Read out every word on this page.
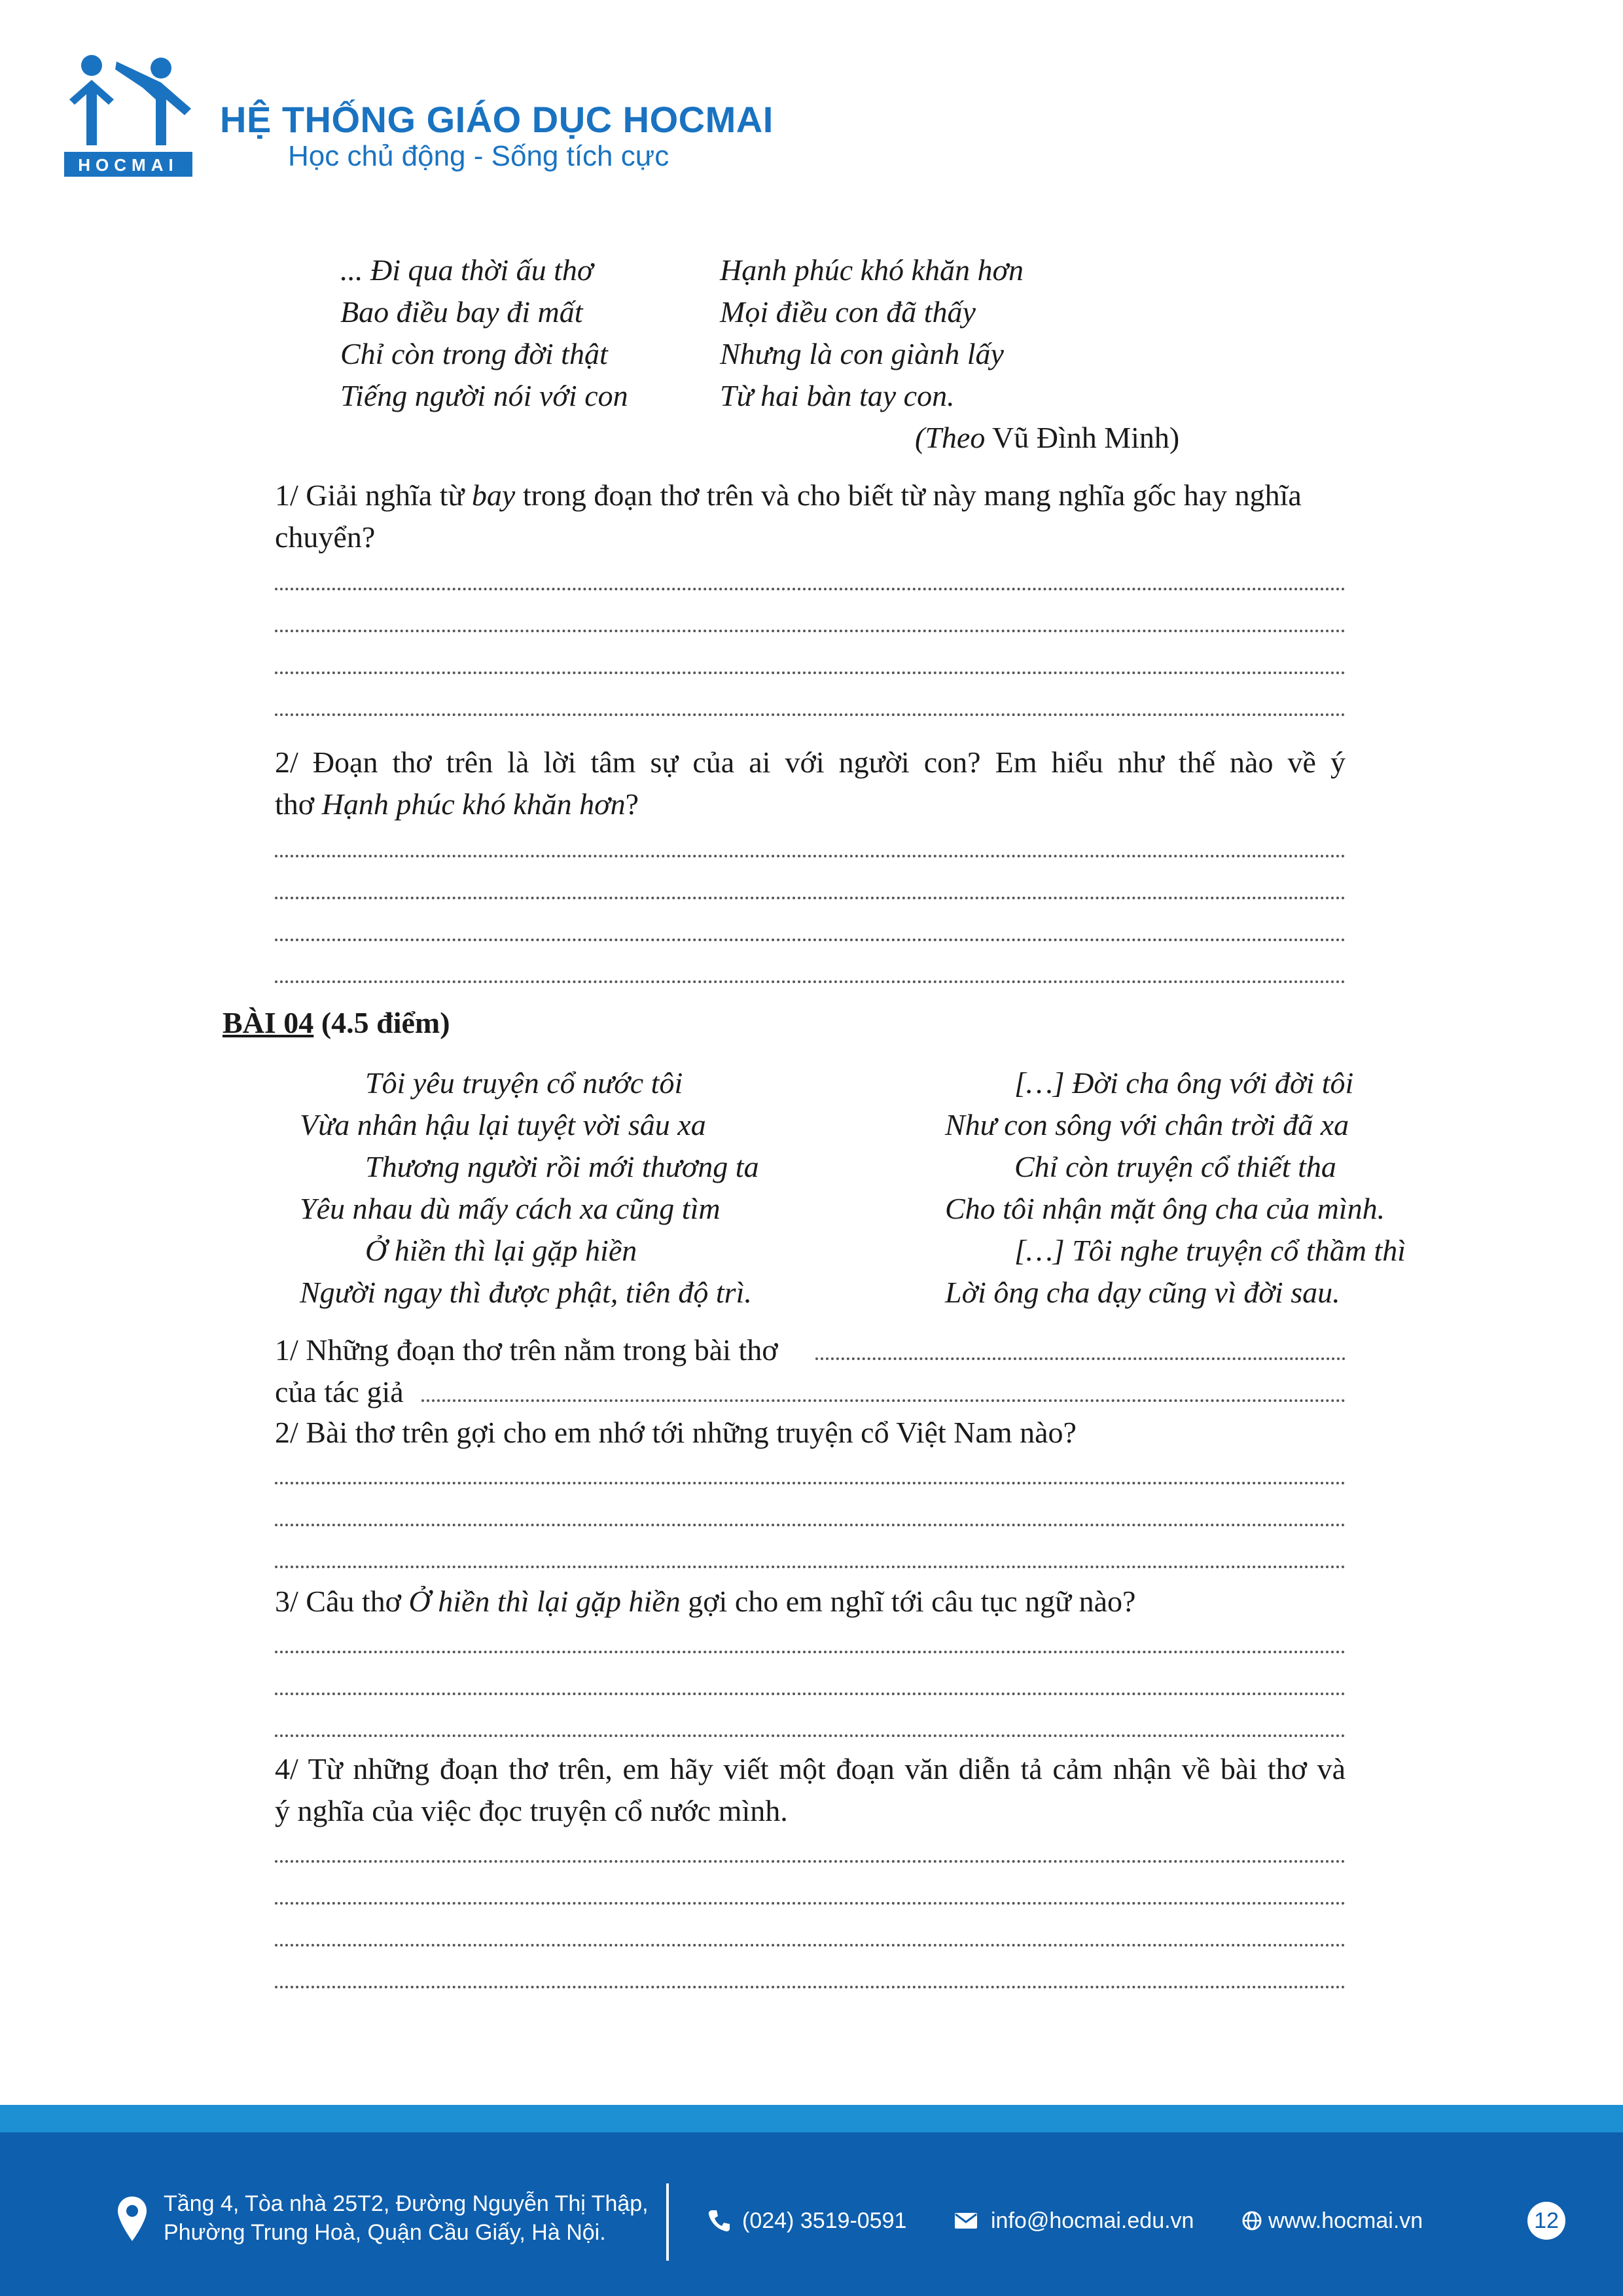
HOCMAI
HỆ THỐNG GIÁO DỤC HOCMAI
Học chủ động - Sống tích cực
... Đi qua thời ấu thơ
Bao điều bay đi mất
Chỉ còn trong đời thật
Tiếng người nói với con
Hạnh phúc khó khăn hơn
Mọi điều con đã thấy
Nhưng là con giành lấy
Từ hai bàn tay con.
(Theo Vũ Đình Minh)
1/ Giải nghĩa từ bay trong đoạn thơ trên và cho biết từ này mang nghĩa gốc hay nghĩa
chuyển?
2/ Đoạn thơ trên là lời tâm sự của ai với người con? Em hiểu như thế nào về ý
thơ Hạnh phúc khó khăn hơn?
BÀI 04 (4.5 điểm)
Tôi yêu truyện cổ nước tôi
Vừa nhân hậu lại tuyệt vời sâu xa
Thương người rồi mới thương ta
Yêu nhau dù mấy cách xa cũng tìm
Ở hiền thì lại gặp hiền
Người ngay thì được phật, tiên độ trì.
[…] Đời cha ông với đời tôi
Như con sông với chân trời đã xa
Chỉ còn truyện cổ thiết tha
Cho tôi nhận mặt ông cha của mình.
[…] Tôi nghe truyện cổ thầm thì
Lời ông cha dạy cũng vì đời sau.
1/ Những đoạn thơ trên nằm trong bài thơ
của tác giả
2/ Bài thơ trên gợi cho em nhớ tới những truyện cổ Việt Nam nào?
3/ Câu thơ Ở hiền thì lại gặp hiền gợi cho em nghĩ tới câu tục ngữ nào?
4/ Từ những đoạn thơ trên, em hãy viết một đoạn văn diễn tả cảm nhận về bài thơ và
ý nghĩa của việc đọc truyện cổ nước mình.
Tầng 4, Tòa nhà 25T2, Đường Nguyễn Thị Thập,
Phường Trung Hoà, Quận Cầu Giấy, Hà Nội.	(024) 3519-0591	info@hocmai.edu.vn	www.hocmai.vn	12
